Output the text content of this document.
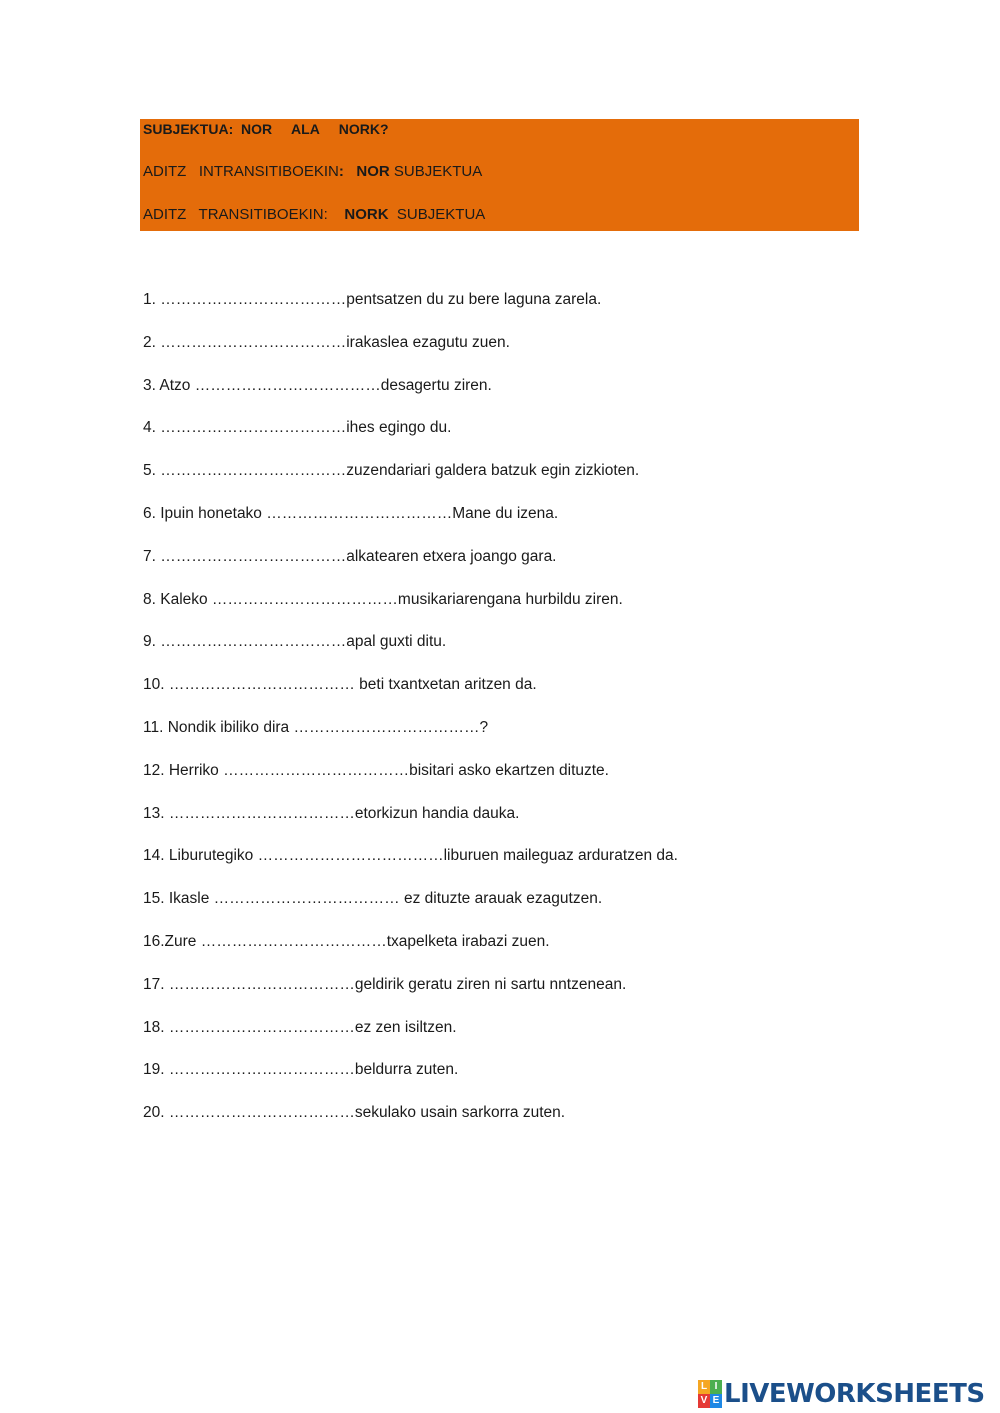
SUBJEKTUA:  NOR     ALA     NORK?
ADITZ   INTRANSITIBOEKIN:   NOR SUBJEKTUA
ADITZ   TRANSITIBOEKIN:    NORK  SUBJEKTUA
1. ………………………………pentsatzen du zu bere laguna zarela.
2. ………………………………irakaslea ezagutu zuen.
3. Atzo ………………………………desagertu ziren.
4. ………………………………ihes egingo du.
5. ………………………………zuzendariari galdera batzuk egin zizkioten.
6. Ipuin honetako ………………………………Mane du izena.
7. ………………………………alkatearen etxera joango gara.
8. Kaleko ………………………………musikariarengana hurbildu ziren.
9. ………………………………apal guxti ditu.
10. ……………………………… beti txantxetan aritzen da.
11. Nondik ibiliko dira ………………………………?
12. Herriko ………………………………bisitari asko ekartzen dituzte.
13. ………………………………etorkizun handia dauka.
14. Liburutegiko ………………………………liburuen maileguaz arduratzen da.
15. Ikasle ……………………………… ez dituzte arauak ezagutzen.
16.Zure ………………………………txapelketa irabazi zuen.
17. ………………………………geldirik geratu ziren ni sartu nntzenean.
18. ………………………………ez zen isiltzen.
19. ………………………………beldurra zuten.
20. ………………………………sekulako usain sarkorra zuten.
L I
V E LIVEWORKSHEETS
